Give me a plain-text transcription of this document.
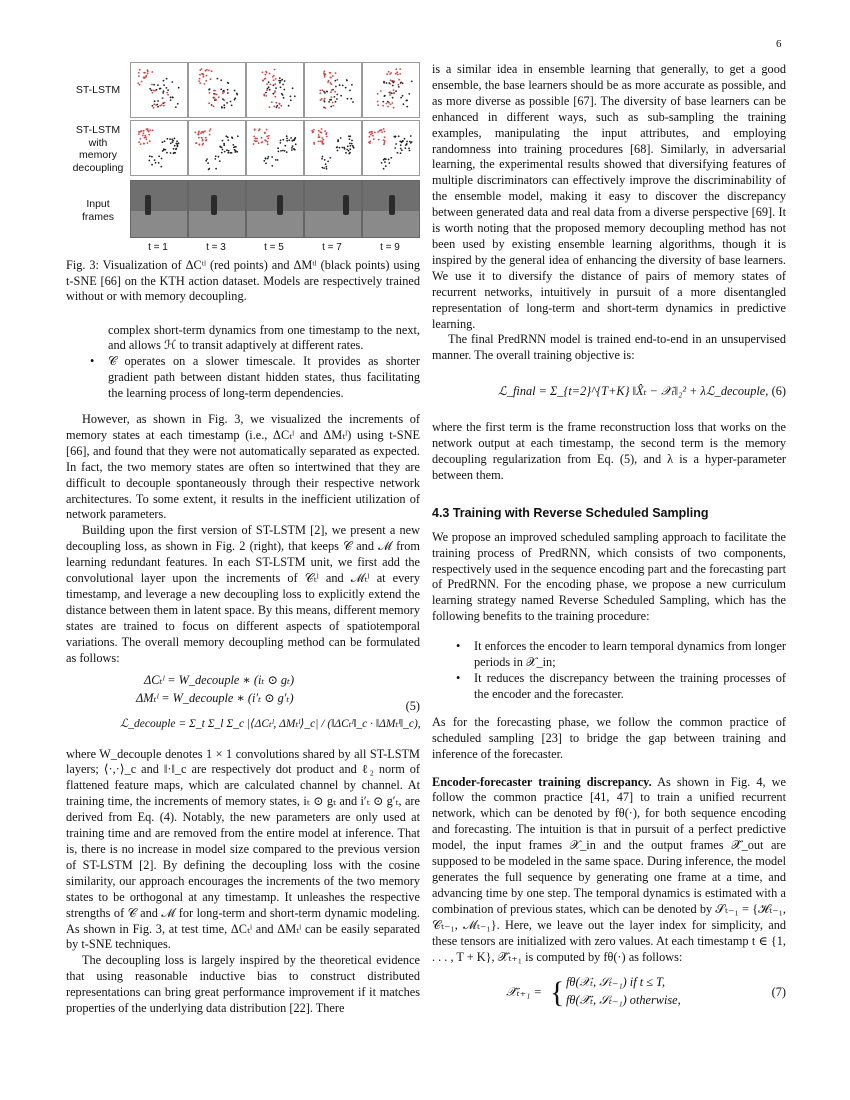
6
ST-LSTM
ST-LSTM
with
memory
decoupling
Input
frames
t = 1	t = 3	t = 5	t = 7	t = 9

Fig. 3: Visualization of ΔCᵗˡ (red points) and ΔMᵗˡ (black points) using t-SNE [66] on the KTH action dataset. Models are respectively trained without or with memory decoupling.

complex short-term dynamics from one timestamp to the next, and allows ℋ to transit adaptively at different rates.
• 𝒞 operates on a slower timescale. It provides as shorter gradient path between distant hidden states, thus facilitating the learning process of long-term dependencies.

However, as shown in Fig. 3, we visualized the increments of memory states at each timestamp (i.e., ΔCₜˡ and ΔMₜˡ) using t-SNE [66], and found that they were not automatically separated as expected. In fact, the two memory states are often so intertwined that they are difficult to decouple spontaneously through their respective network architectures. To some extent, it results in the inefficient utilization of network parameters.

Building upon the first version of ST-LSTM [2], we present a new decoupling loss, as shown in Fig. 2 (right), that keeps 𝒞 and ℳ from learning redundant features. In each ST-LSTM unit, we first add the convolutional layer upon the increments of 𝒞ₜˡ and ℳₜˡ at every timestamp, and leverage a new decoupling loss to explicitly extend the distance between them in latent space. By this means, different memory states are trained to focus on different aspects of spatiotemporal variations. The overall memory decoupling method can be formulated as follows:

ΔCₜˡ = W_decouple ∗ (iₜ ⊙ gₜ)
ΔMₜˡ = W_decouple ∗ (i′ₜ ⊙ g′ₜ)
ℒ_decouple = Σ_t Σ_l Σ_c |⟨ΔCₜˡ, ΔMₜˡ⟩_c| / (‖ΔCₜˡ‖_c · ‖ΔMₜˡ‖_c),
(5)

where W_decouple denotes 1 × 1 convolutions shared by all ST-LSTM layers; ⟨·,·⟩_c and ‖·‖_c are respectively dot product and ℓ₂ norm of flattened feature maps, which are calculated channel by channel. At training time, the increments of memory states, iₜ ⊙ gₜ and i′ₜ ⊙ g′ₜ, are derived from Eq. (4). Notably, the new parameters are only used at training time and are removed from the entire model at inference. That is, there is no increase in model size compared to the previous version of ST-LSTM [2]. By defining the decoupling loss with the cosine similarity, our approach encourages the increments of the two memory states to be orthogonal at any timestamp. It unleashes the respective strengths of 𝒞 and ℳ for long-term and short-term dynamic modeling. As shown in Fig. 3, at test time, ΔCₜˡ and ΔMₜˡ can be easily separated by t-SNE techniques.

The decoupling loss is largely inspired by the theoretical evidence that using reasonable inductive bias to construct distributed representations can bring great performance improvement if it matches properties of the underlying data distribution [22]. There

is a similar idea in ensemble learning that generally, to get a good ensemble, the base learners should be as more accurate as possible, and as more diverse as possible [67]. The diversity of base learners can be enhanced in different ways, such as sub-sampling the training examples, manipulating the input attributes, and employing randomness into training procedures [68]. Similarly, in adversarial learning, the experimental results showed that diversifying features of multiple discriminators can effectively improve the discriminability of the ensemble model, making it easy to discover the discrepancy between generated data and real data from a diverse perspective [69]. It is worth noting that the proposed memory decoupling method has not been used by existing ensemble learning algorithms, though it is inspired by the general idea of enhancing the diversity of base learners. We use it to diversify the distance of pairs of memory states of recurrent networks, intuitively in pursuit of a more disentangled representation of long-term and short-term dynamics in predictive learning.

The final PredRNN model is trained end-to-end in an unsupervised manner. The overall training objective is:

ℒ_final = Σ_{t=2}^{T+K} ‖X̂ₜ − 𝒳ₜ‖₂² + λℒ_decouple, (6)

where the first term is the frame reconstruction loss that works on the network output at each timestamp, the second term is the memory decoupling regularization from Eq. (5), and λ is a hyper-parameter between them.

4.3 Training with Reverse Scheduled Sampling

We propose an improved scheduled sampling approach to facilitate the training process of PredRNN, which consists of two components, respectively used in the sequence encoding part and the forecasting part of PredRNN. For the encoding phase, we propose a new curriculum learning strategy named Reverse Scheduled Sampling, which has the following benefits to the training procedure:

• It enforces the encoder to learn temporal dynamics from longer periods in 𝒳_in;
• It reduces the discrepancy between the training processes of the encoder and the forecaster.

As for the forecasting phase, we follow the common practice of scheduled sampling [23] to bridge the gap between training and inference of the forecaster.

Encoder-forecaster training discrepancy. As shown in Fig. 4, we follow the common practice [41, 47] to train a unified recurrent network, which can be denoted by fθ(·), for both sequence encoding and forecasting. The intuition is that in pursuit of a perfect predictive model, the input frames 𝒳_in and the output frames 𝒳̂_out are supposed to be modeled in the same space. During inference, the model generates the full sequence by generating one frame at a time, and advancing time by one step. The temporal dynamics is estimated with a combination of previous states, which can be denoted by 𝒮ₜ₋₁ = {ℋₜ₋₁, 𝒞ₜ₋₁, ℳₜ₋₁}. Here, we leave out the layer index for simplicity, and these tensors are initialized with zero values. At each timestamp t ∈ {1, . . . , T + K}, 𝒳̂ₜ₊₁ is computed by fθ(·) as follows:

𝒳̂ₜ₊₁ = { fθ(𝒳ₜ, 𝒮ₜ₋₁) if t ≤ T,
fθ(𝒳̂ₜ, 𝒮ₜ₋₁) otherwise,
(7)
